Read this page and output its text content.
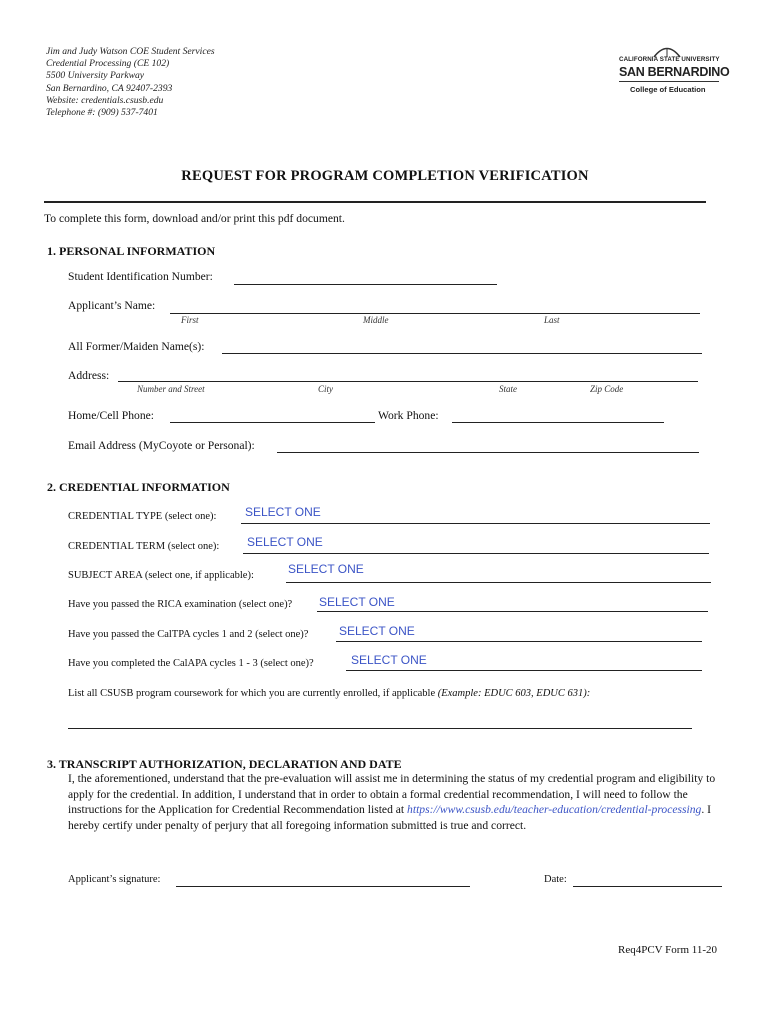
Jim and Judy Watson COE Student Services
Credential Processing (CE 102)
5500 University Parkway
San Bernardino, CA 92407-2393
Website: credentials.csusb.edu
Telephone #: (909) 537-7401
CALIFORNIA STATE UNIVERSITY
SAN BERNARDINO
College of Education
REQUEST FOR PROGRAM COMPLETION VERIFICATION
To complete this form, download and/or print this pdf document.
1. PERSONAL INFORMATION
Student Identification Number:
Applicant’s Name:
First	Middle	Last
All Former/Maiden Name(s):
Address:
Number and Street	City	State	Zip Code
Home/Cell Phone:	Work Phone:
Email Address (MyCoyote or Personal):
2. CREDENTIAL INFORMATION
CREDENTIAL TYPE (select one): SELECT ONE
CREDENTIAL TERM (select one): SELECT ONE
SUBJECT AREA (select one, if applicable):	SELECT ONE
Have you passed the RICA examination (select one)? SELECT ONE
Have you passed the CalTPA cycles 1 and 2 (select one)?	SELECT ONE
Have you completed the CalAPA cycles 1 - 3 (select one)?	SELECT ONE
List all CSUSB program coursework for which you are currently enrolled, if applicable (Example: EDUC 603, EDUC 631):
3. TRANSCRIPT AUTHORIZATION, DECLARATION AND DATE
I, the aforementioned, understand that the pre-evaluation will assist me in determining the status of my credential program and eligibility to apply for the credential. In addition, I understand that in order to obtain a formal credential recommendation, I will need to follow the instructions for the Application for Credential Recommendation listed at https://www.csusb.edu/teacher-education/credential-processing. I hereby certify under penalty of perjury that all foregoing information submitted is true and correct.
Applicant’s signature:	Date:
Req4PCV Form 11-20
